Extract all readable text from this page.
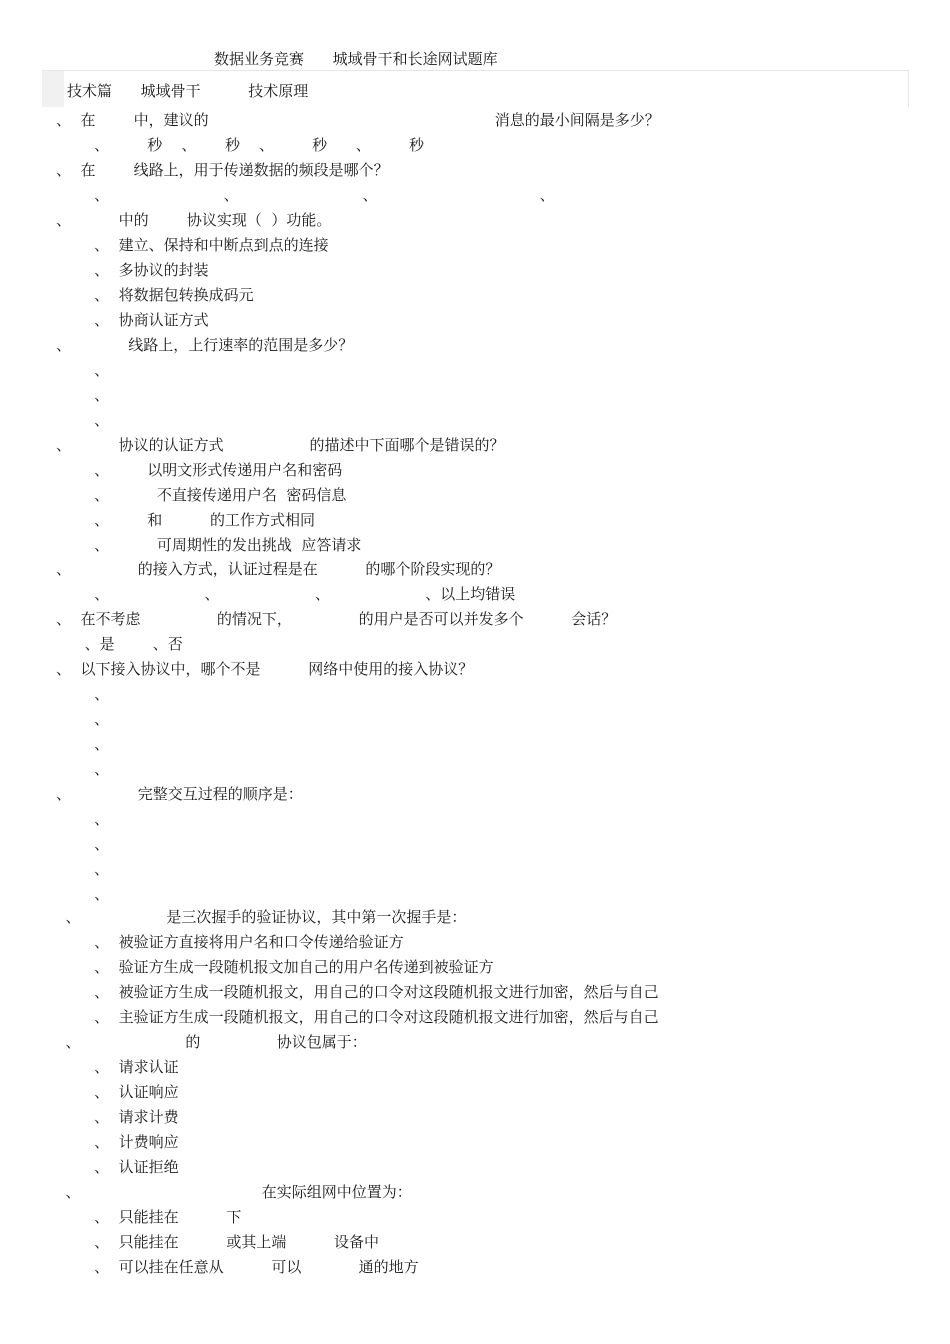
数据业务竞赛      城域骨干和长途网试题库
技术篇      城域骨干          技术原理
、  在        中，建议的                                                            消息的最小间隔是多少？
、        秒    、      秒    、        秒      、        秒
、  在        线路上，用于传递数据的频段是哪个？
、                        、                          、                                  、
、          中的        协议实现（  ）功能。
、  建立、保持和中断点到点的连接
、  多协议的封装
、  将数据包转换成码元
、  协商认证方式
、            线路上，上行速率的范围是多少？
、
、
、
、          协议的认证方式                  的描述中下面哪个是错误的？
、        以明文形式传递用户名和密码
、          不直接传递用户名  密码信息
、        和          的工作方式相同
、          可周期性的发出挑战  应答请求
、              的接入方式，认证过程是在          的哪个阶段实现的？
、                    、                    、                    、以上均错误
、  在不考虑                的情况下，              的用户是否可以并发多个          会话？
、是        、否
、  以下接入协议中，哪个不是          网络中使用的接入协议？
、
、
、
、
、              完整交互过程的顺序是：
、
、
、
、
、                  是三次握手的验证协议，其中第一次握手是：
、  被验证方直接将用户名和口令传递给验证方
、  验证方生成一段随机报文加自己的用户名传递到被验证方
、  被验证方生成一段随机报文，用自己的口令对这段随机报文进行加密，然后与自己
、  主验证方生成一段随机报文，用自己的口令对这段随机报文进行加密，然后与自己
、                      的                协议包属于：
、  请求认证
、  认证响应
、  请求计费
、  计费响应
、  认证拒绝
、                                      在实际组网中位置为：
、  只能挂在          下
、  只能挂在          或其上端          设备中
、  可以挂在任意从          可以            通的地方
